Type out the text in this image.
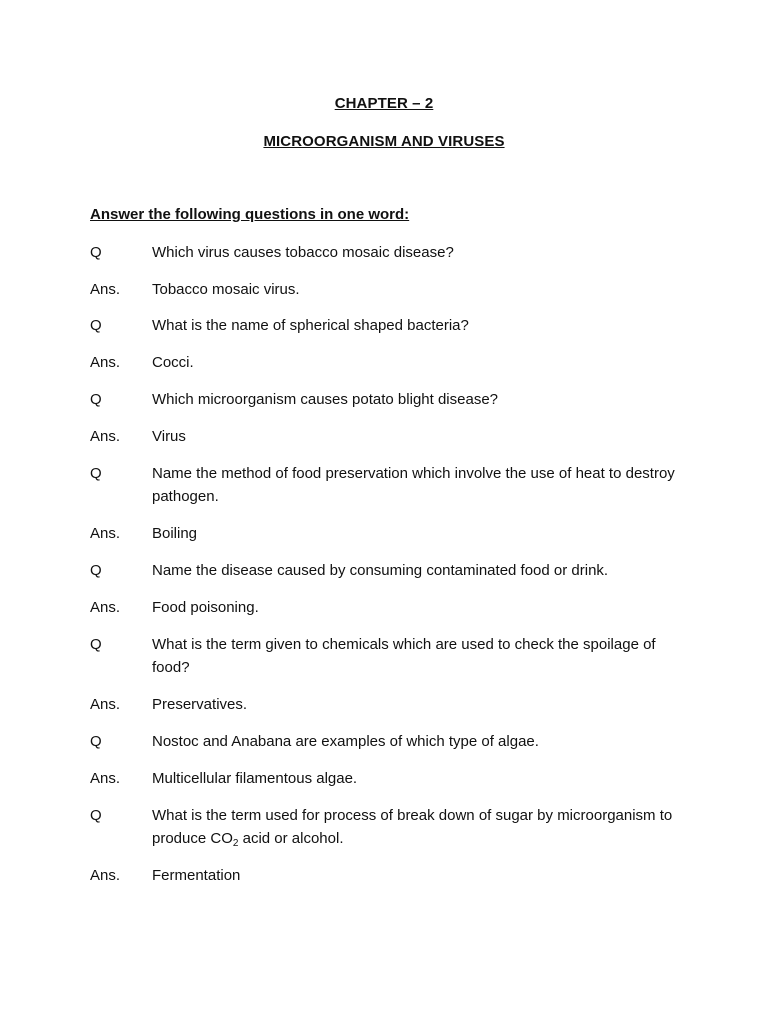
CHAPTER – 2
MICROORGANISM AND VIRUSES
Answer the following questions in one word:
Q	Which virus causes tobacco mosaic disease?
Ans.	Tobacco mosaic virus.
Q	What is the name of spherical shaped bacteria?
Ans.	Cocci.
Q	Which microorganism causes potato blight disease?
Ans.	Virus
Q	Name the method of food preservation which involve the use of heat to destroy pathogen.
Ans.	Boiling
Q	Name the disease caused by consuming contaminated food or drink.
Ans.	Food poisoning.
Q	What is the term given to chemicals which are used to check the spoilage of food?
Ans.	Preservatives.
Q	Nostoc and Anabana are examples of which type of algae.
Ans.	Multicellular filamentous algae.
Q	What is the term used for process of break down of sugar by microorganism to produce $CO_2$ acid or alcohol.
Ans.	Fermentation
